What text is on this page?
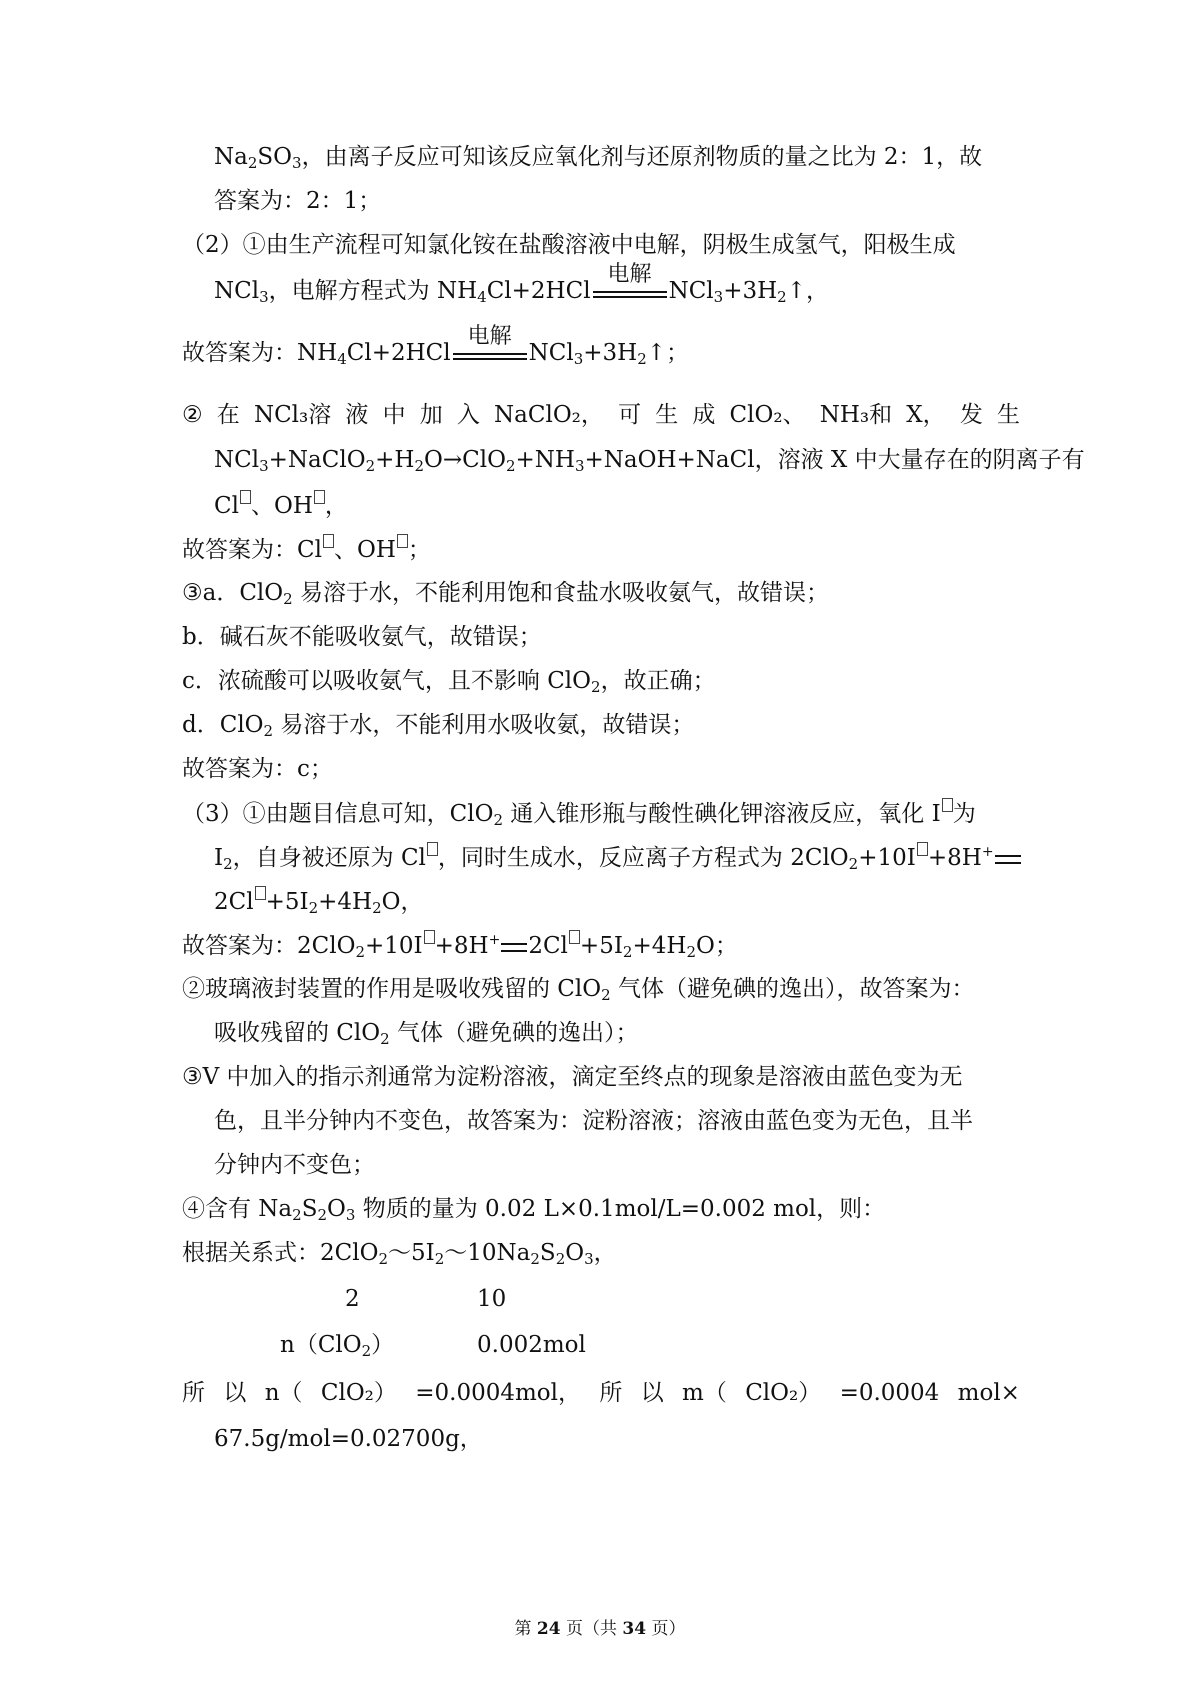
$Na_2SO_3$，由离子反应可知该反应氧化剂与还原剂物质的量之比为 2：1，故
答案为：2：1；
（2）①由生产流程可知氯化铵在盐酸溶液中电解，阴极生成氢气，阳极生成
NCl$_3$，电解方程式为 $NH_4Cl+2HCl$
电解
$NCl_3+3H_2↑$，
故答案为：$NH_4Cl+2HCl$
电解
$NCl_3+3H_2↑$；
② 在 NCl₃溶 液 中 加 入 NaClO₂， 可 生 成 ClO₂、 NH₃和 X， 发 生
$NCl_3+NaClO_2+H_2O\to ClO_2+NH_3+NaOH+NaCl$，溶液 X 中大量存在的阴离子有
Cl 、OH ，
故答案为：Cl 、OH ；
③a．ClO$_2$ 易溶于水，不能利用饱和食盐水吸收氨气，故错误；
b．碱石灰不能吸收氨气，故错误；
c．浓硫酸可以吸收氨气，且不影响 ClO$_2$，故正确；
d．ClO$_2$ 易溶于水，不能利用水吸收氨，故错误；
故答案为：c；
（3）①由题目信息可知，ClO$_2$ 通入锥形瓶与酸性碘化钾溶液反应，氧化 I 为
$I_2$，自身被还原为 Cl ，同时生成水，反应离子方程式为 2ClO$_2$+10I +8H+
$2Cl +5I_2+4H_2O$，
故答案为：2ClO$_2$+10I +8H+ $2Cl +5I_2+4H_2O$；
②玻璃液封装置的作用是吸收残留的 ClO$_2$ 气体（避免碘的逸出），故答案为：
吸收残留的 ClO$_2$ 气体（避免碘的逸出）；
③V 中加入的指示剂通常为淀粉溶液，滴定至终点的现象是溶液由蓝色变为无
色，且半分钟内不变色，故答案为：淀粉溶液；溶液由蓝色变为无色，且半
分钟内不变色；
④含有 $Na_2S_2O_3$ 物质的量为 0.02 L×0.1mol/L=0.002 mol，则：
根据关系式：$2ClO_2\sim 5I_2\sim 10Na_2S_2O_3$，
2	10
n（ClO$_2$）	0.002mol
所 以 n（ ClO₂） =0.0004mol， 所 以 m（ ClO₂） =0.0004 mol×
67.5g/mol=0.02700g，
第 24 页（共 34 页）
